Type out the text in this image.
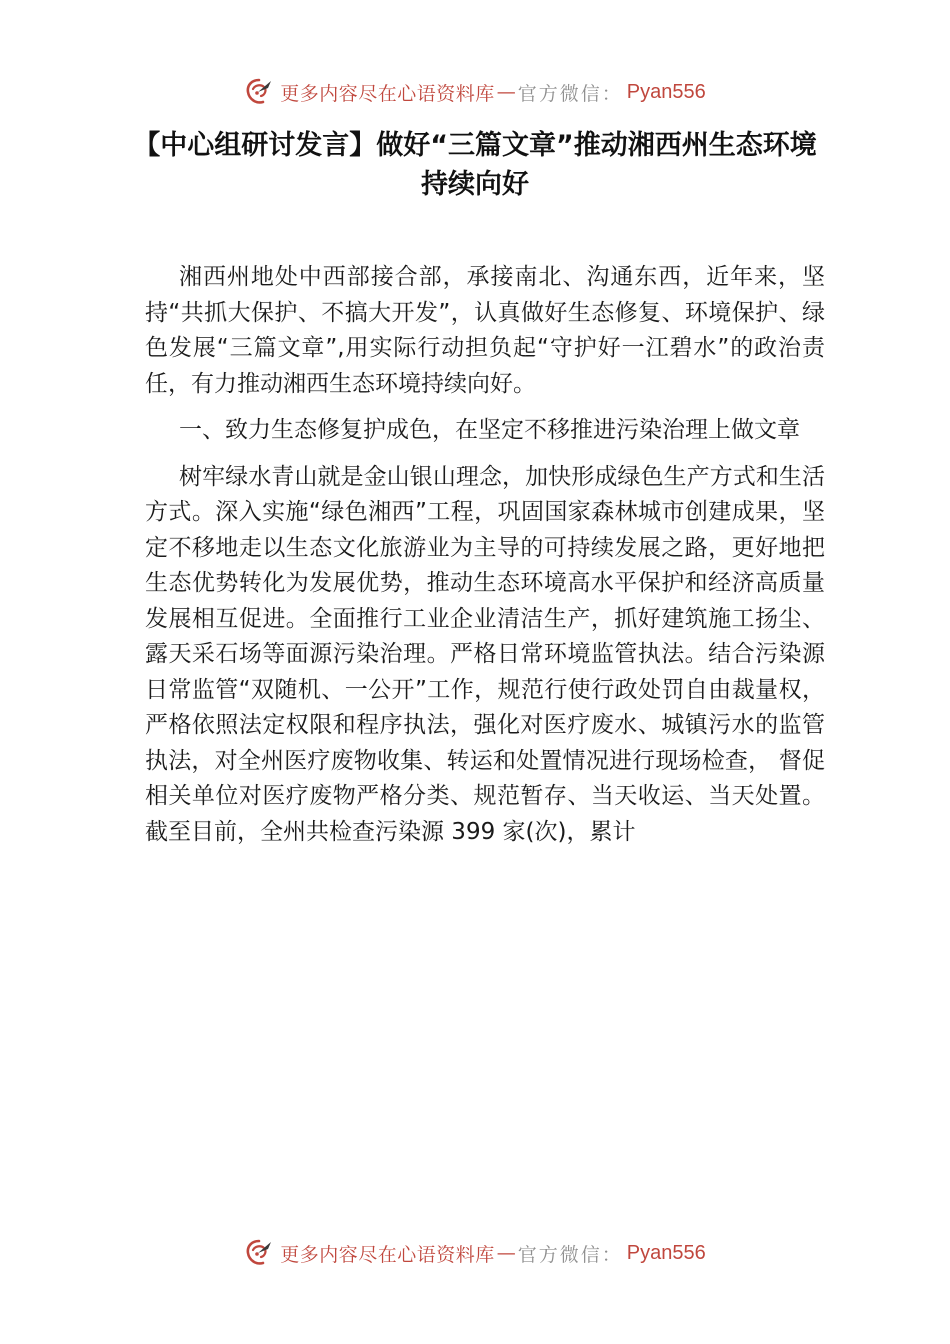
更多内容尽在心语资料库 — 官方微信： Pyan556
【中心组研讨发言】做好“三篇文章”推动湘西州生态环境持续向好

湘西州地处中西部接合部，承接南北、沟通东西，近年来，坚持“共抓大保护、不搞大开发”，认真做好生态修复、环境保护、绿色发展“三篇文章”,用实际行动担负起“守护好一江碧水”的政治责任，有力推动湘西生态环境持续向好。

一、致力生态修复护成色，在坚定不移推进污染治理上做文章

树牢绿水青山就是金山银山理念，加快形成绿色生产方式和生活方式。深入实施“绿色湘西”工程，巩固国家森林城市创建成果，坚定不移地走以生态文化旅游业为主导的可持续发展之路，更好地把生态优势转化为发展优势，推动生态环境高水平保护和经济高质量发展相互促进。全面推行工业企业清洁生产，抓好建筑施工扬尘、露天采石场等面源污染治理。严格日常环境监管执法。结合污染源日常监管“双随机、一公开”工作，规范行使行政处罚自由裁量权，严格依照法定权限和程序执法，强化对医疗废水、城镇污水的监管执法，对全州医疗废物收集、转运和处置情况进行现场检查， 督促相关单位对医疗废物严格分类、规范暂存、当天收运、当天处置。截至目前，全州共检查污染源 399 家(次)，累计

更多内容尽在心语资料库 — 官方微信： Pyan556
